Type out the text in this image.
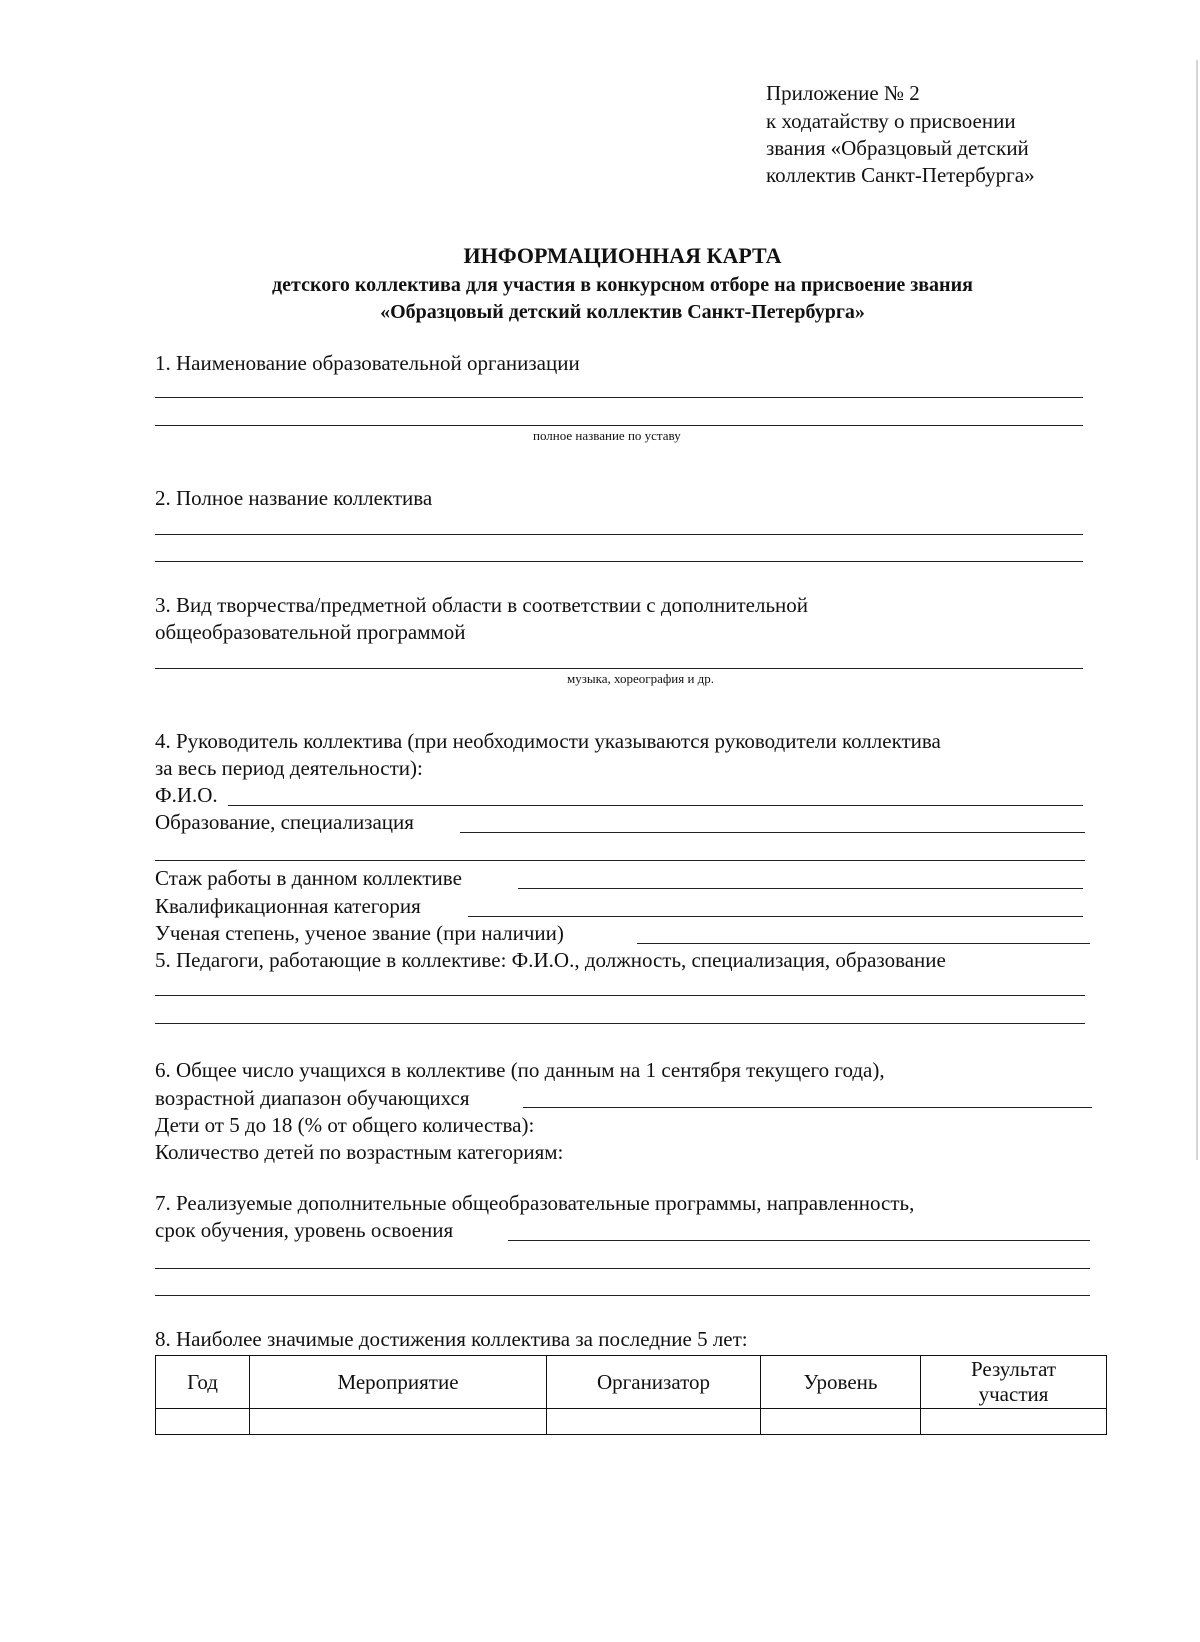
Приложение № 2
к ходатайству о присвоении
звания «Образцовый детский
коллектив Санкт-Петербурга»
ИНФОРМАЦИОННАЯ КАРТА
детского коллектива для участия в конкурсном отборе на присвоение звания
«Образцовый детский коллектив Санкт-Петербурга»
1. Наименование образовательной организации
полное название по уставу
2. Полное название коллектива
3. Вид творчества/предметной области в соответствии с дополнительной
общеобразовательной программой
музыка, хореография и др.
4. Руководитель коллектива (при необходимости указываются руководители коллектива
за весь период деятельности):
Ф.И.О.
Образование, специализация
Стаж работы в данном коллективе
Квалификационная категория
Ученая степень, ученое звание (при наличии)
5. Педагоги, работающие в коллективе: Ф.И.О., должность, специализация, образование
6. Общее число учащихся в коллективе (по данным на 1 сентября текущего года),
возрастной диапазон обучающихся
Дети от 5 до 18 (% от общего количества):
Количество детей по возрастным категориям:
7. Реализуемые дополнительные общеобразовательные программы, направленность,
срок обучения, уровень освоения
8. Наиболее значимые достижения коллектива за последние 5 лет:
Год	Мероприятие	Организатор	Уровень	Результат участия
